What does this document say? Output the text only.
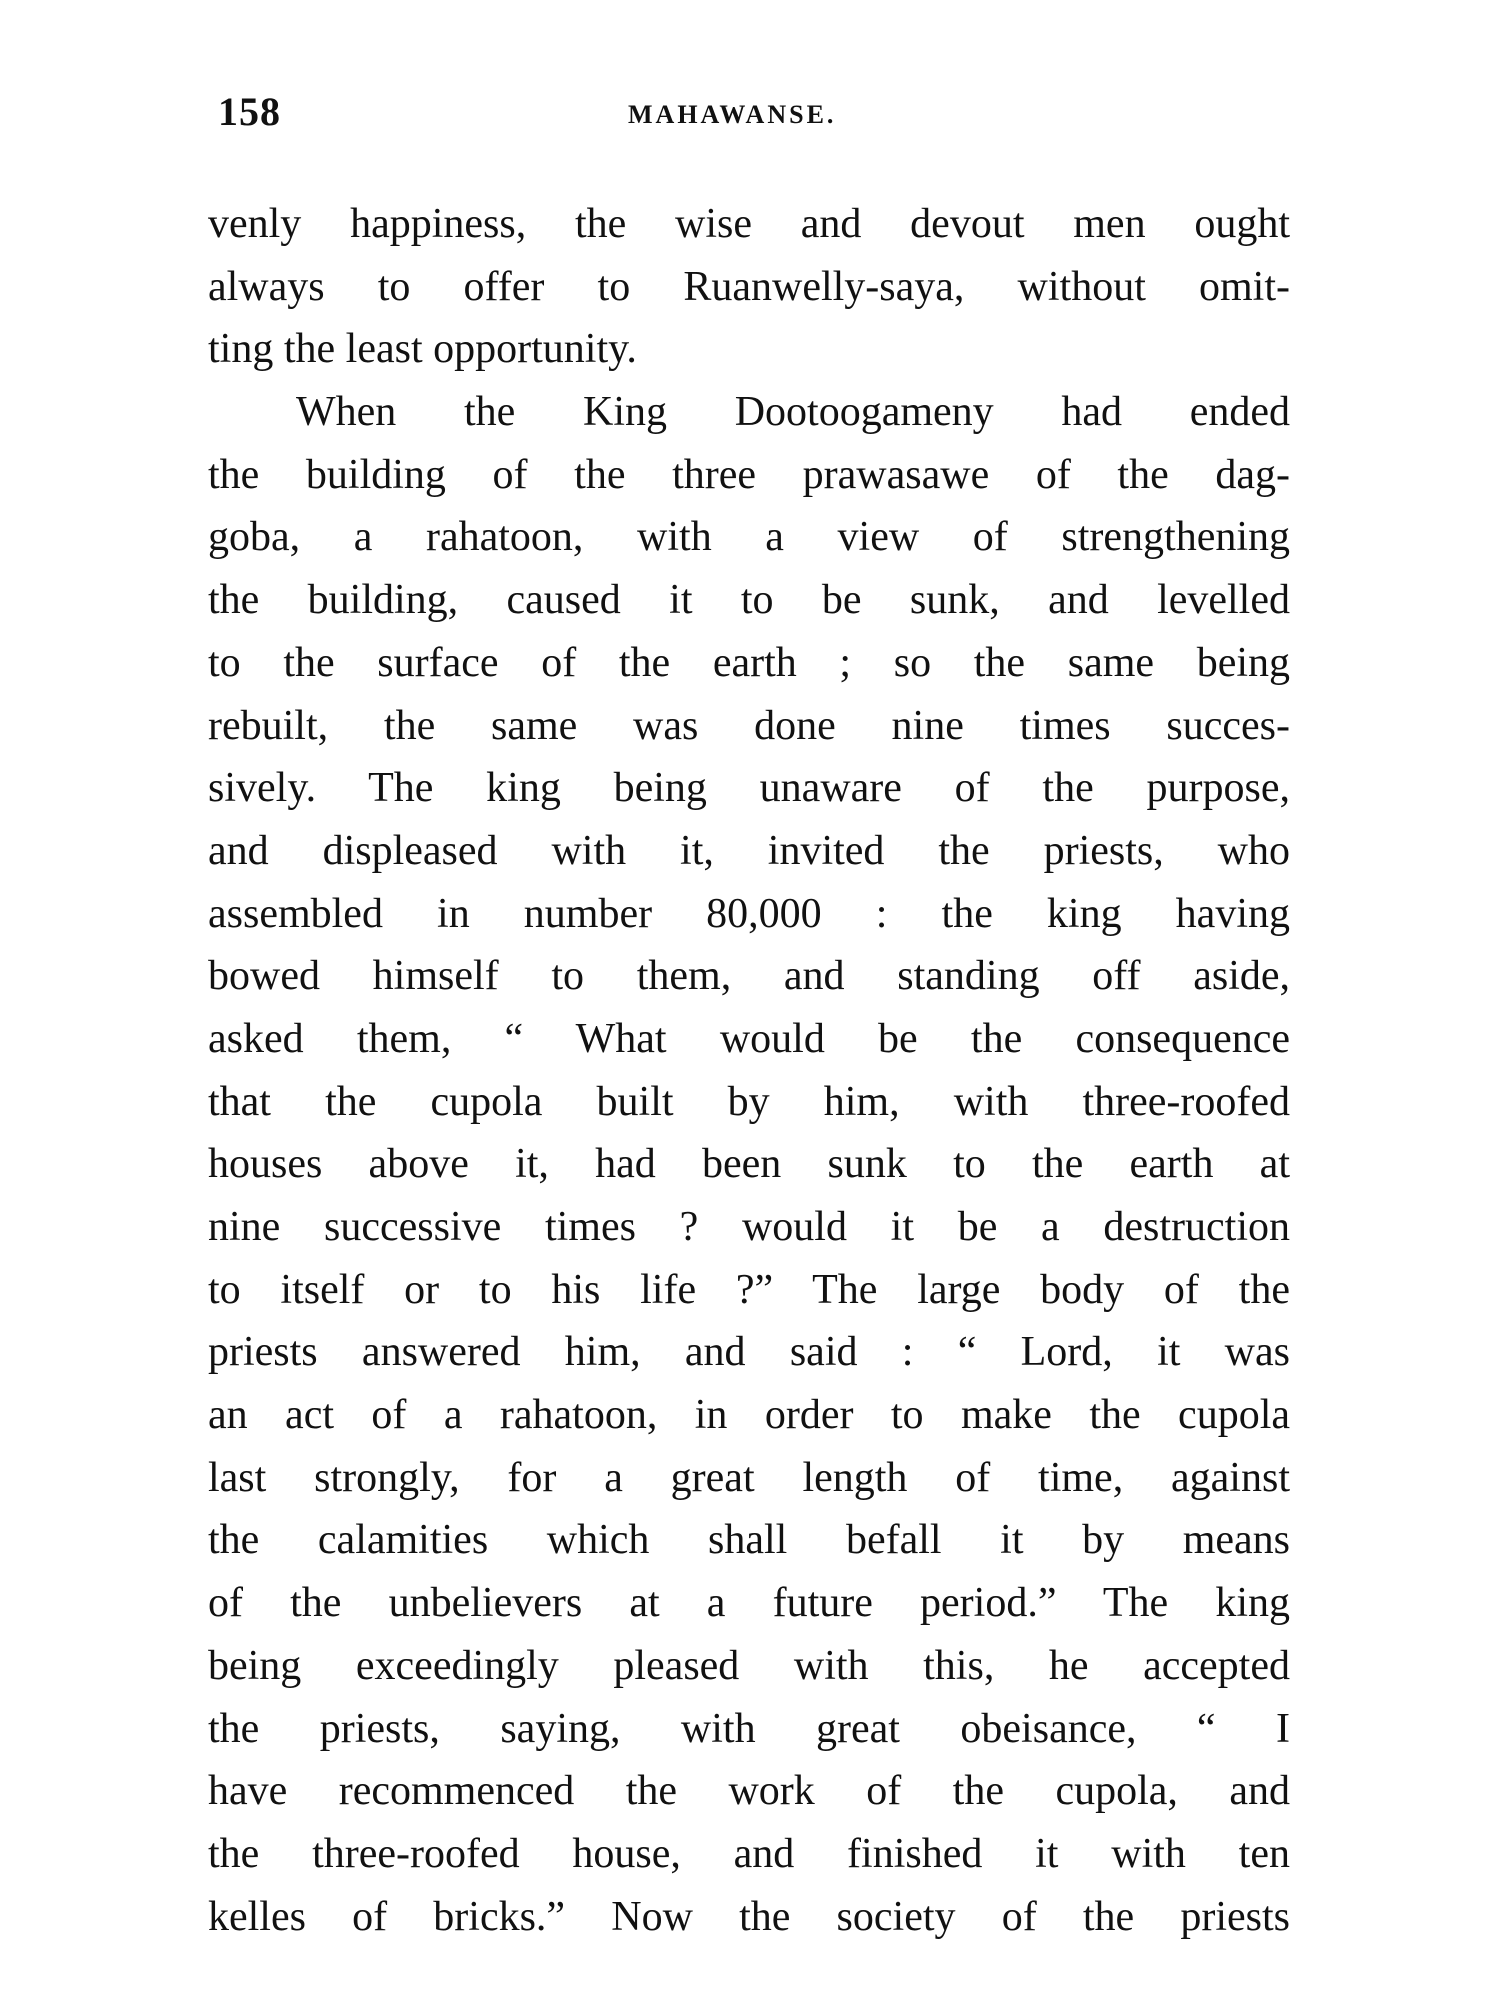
158	MAHAWANSE.
venly happiness, the wise and devout men ought
always to offer to Ruanwelly-saya, without omit-
ting the least opportunity.
When the King Dootoogameny had ended
the building of the three prawasawe of the dag-
goba, a rahatoon, with a view of strengthening
the building, caused it to be sunk, and levelled
to the surface of the earth ; so the same being
rebuilt, the same was done nine times succes-
sively. The king being unaware of the purpose,
and displeased with it, invited the priests, who
assembled in number 80,000 : the king having
bowed himself to them, and standing off aside,
asked them, “ What would be the consequence
that the cupola built by him, with three-roofed
houses above it, had been sunk to the earth at
nine successive times ? would it be a destruction
to itself or to his life ?” The large body of the
priests answered him, and said : “ Lord, it was
an act of a rahatoon, in order to make the cupola
last strongly, for a great length of time, against
the calamities which shall befall it by means
of the unbelievers at a future period.” The king
being exceedingly pleased with this, he accepted
the priests, saying, with great obeisance, “ I
have recommenced the work of the cupola, and
the three-roofed house, and finished it with ten
kelles of bricks.” Now the society of the priests
